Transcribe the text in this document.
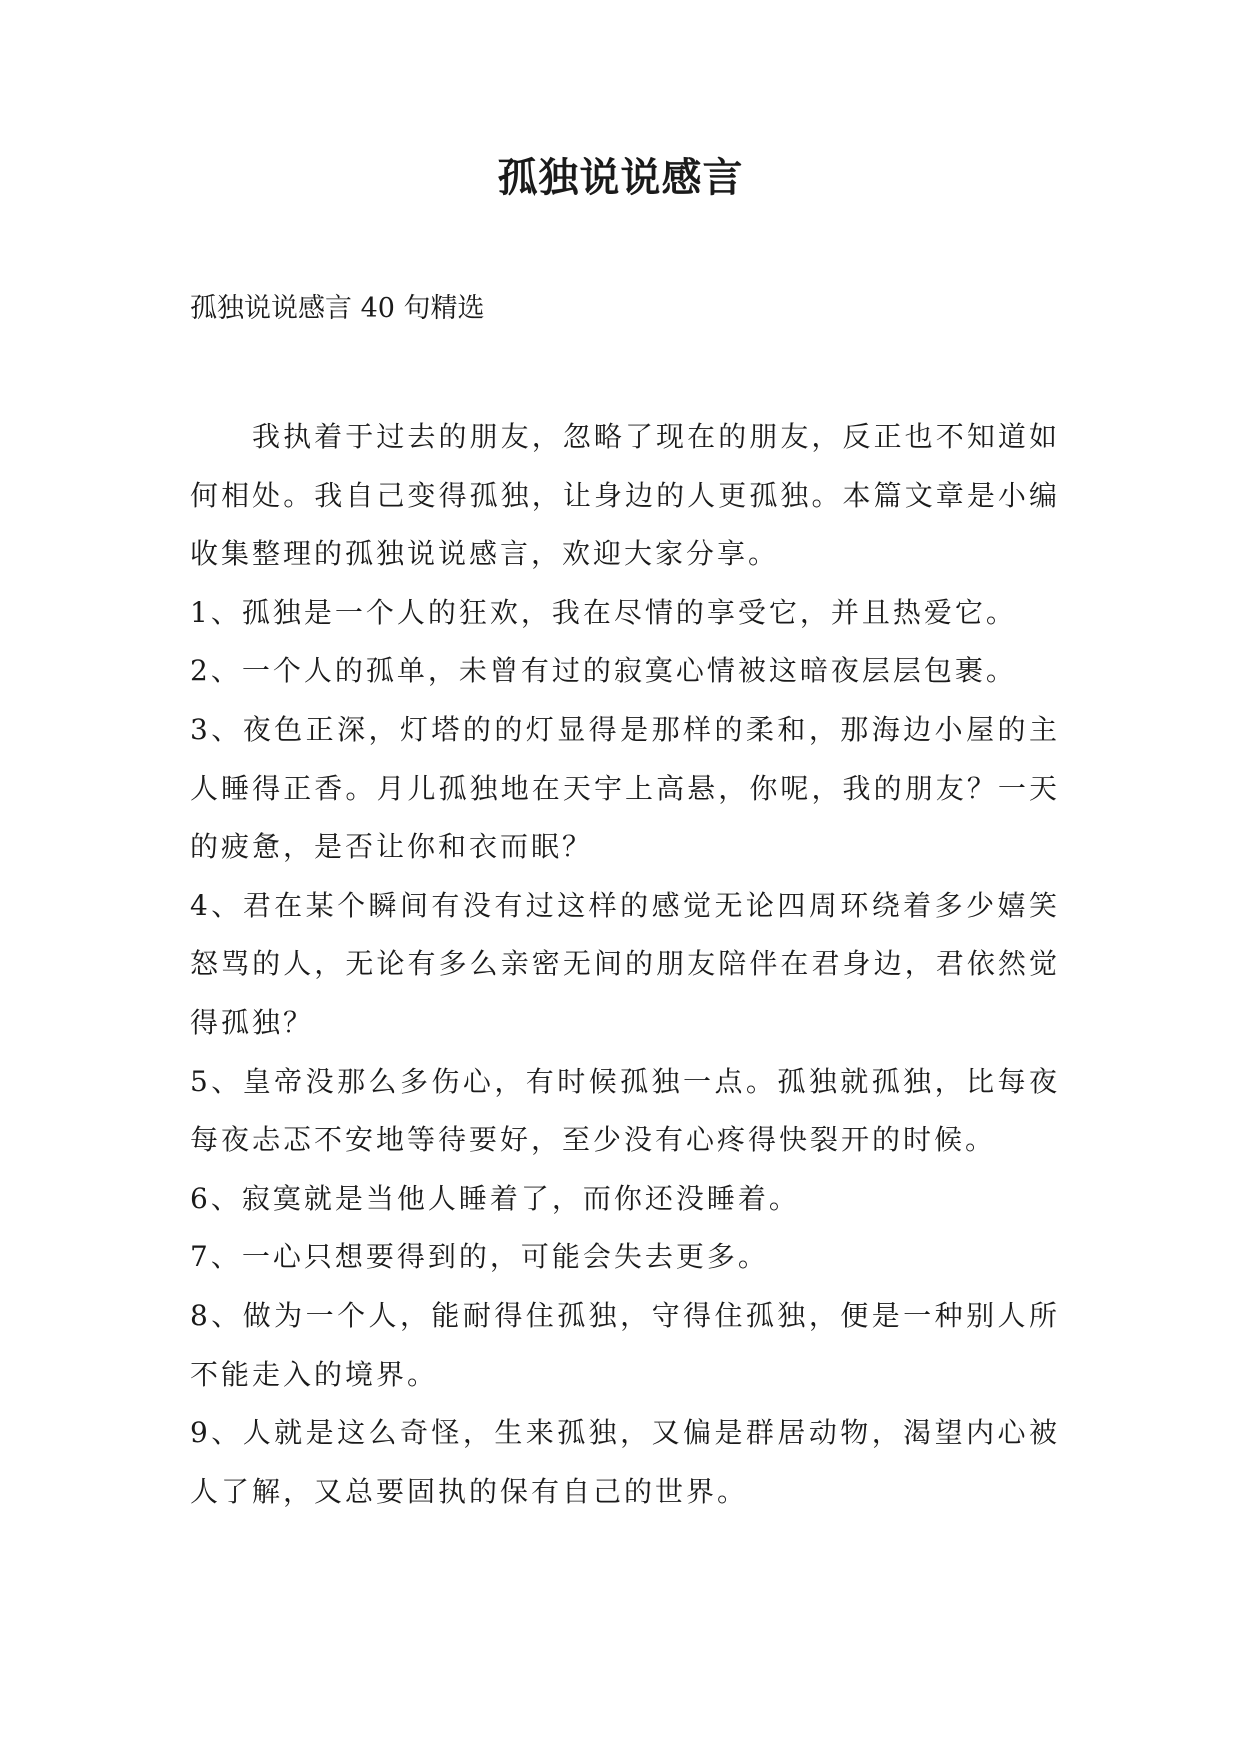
孤独说说感言
孤独说说感言 40 句精选

我执着于过去的朋友，忽略了现在的朋友，反正也不知道如何相处。我自己变得孤独，让身边的人更孤独。本篇文章是小编收集整理的孤独说说感言，欢迎大家分享。

1、孤独是一个人的狂欢，我在尽情的享受它，并且热爱它。

2、一个人的孤单，未曾有过的寂寞心情被这暗夜层层包裹。

3、夜色正深，灯塔的的灯显得是那样的柔和，那海边小屋的主人睡得正香。月儿孤独地在天宇上高悬，你呢，我的朋友？一天的疲惫，是否让你和衣而眠？

4、君在某个瞬间有没有过这样的感觉无论四周环绕着多少嬉笑怒骂的人，无论有多么亲密无间的朋友陪伴在君身边，君依然觉得孤独？

5、皇帝没那么多伤心，有时候孤独一点。孤独就孤独，比每夜每夜忐忑不安地等待要好，至少没有心疼得快裂开的时候。

6、寂寞就是当他人睡着了，而你还没睡着。

7、一心只想要得到的，可能会失去更多。

8、做为一个人，能耐得住孤独，守得住孤独，便是一种别人所不能走入的境界。

9、人就是这么奇怪，生来孤独，又偏是群居动物，渴望内心被人了解，又总要固执的保有自己的世界。
